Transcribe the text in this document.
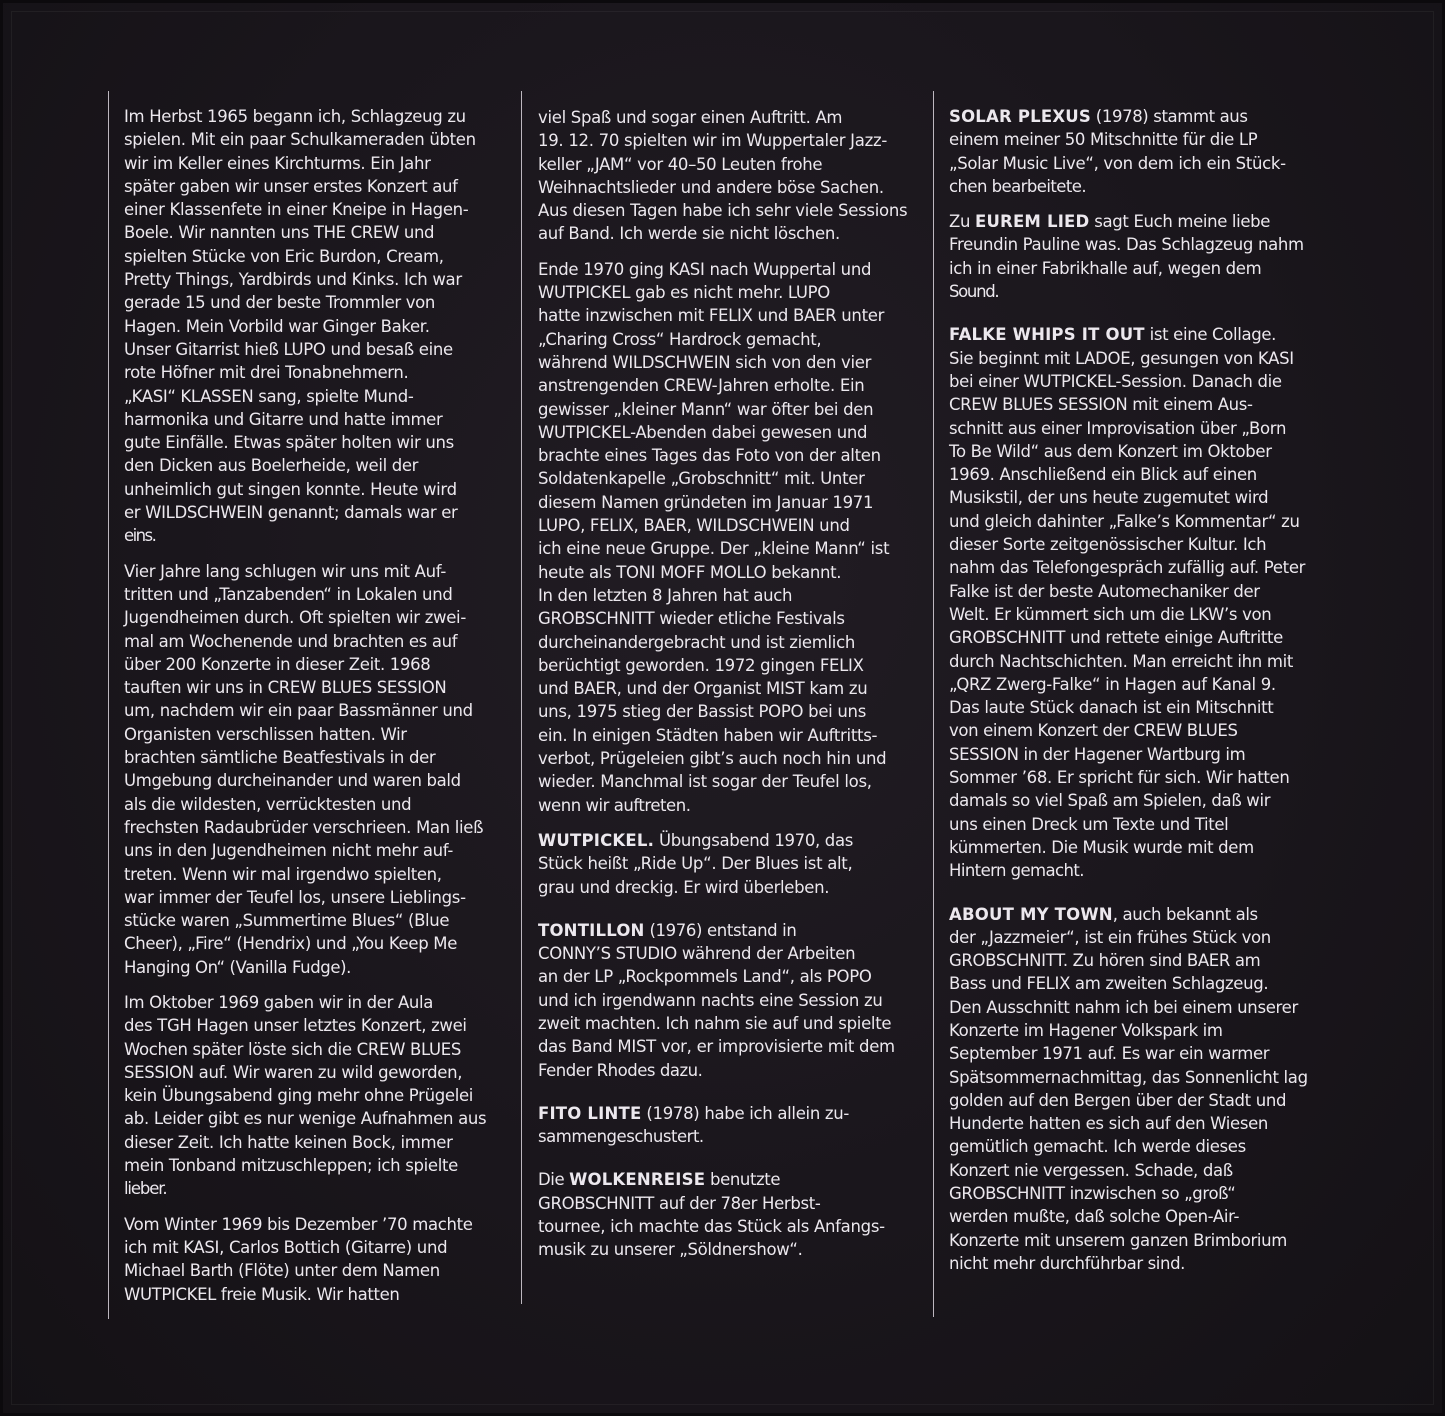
Im Herbst 1965 begann ich, Schlagzeug zu
spielen. Mit ein paar Schulkameraden übten
wir im Keller eines Kirchturms. Ein Jahr
später gaben wir unser erstes Konzert auf
einer Klassenfete in einer Kneipe in Hagen-
Boele. Wir nannten uns THE CREW und
spielten Stücke von Eric Burdon, Cream,
Pretty Things, Yardbirds und Kinks. Ich war
gerade 15 und der beste Trommler von
Hagen. Mein Vorbild war Ginger Baker.
Unser Gitarrist hieß LUPO und besaß eine
rote Höfner mit drei Tonabnehmern.
„KASI“ KLASSEN sang, spielte Mund-
harmonika und Gitarre und hatte immer
gute Einfälle. Etwas später holten wir uns
den Dicken aus Boelerheide, weil der
unheimlich gut singen konnte. Heute wird
er WILDSCHWEIN genannt; damals war er
eins.
Vier Jahre lang schlugen wir uns mit Auf-
tritten und „Tanzabenden“ in Lokalen und
Jugendheimen durch. Oft spielten wir zwei-
mal am Wochenende und brachten es auf
über 200 Konzerte in dieser Zeit. 1968
tauften wir uns in CREW BLUES SESSION
um, nachdem wir ein paar Bassmänner und
Organisten verschlissen hatten. Wir
brachten sämtliche Beatfestivals in der
Umgebung durcheinander und waren bald
als die wildesten, verrücktesten und
frechsten Radaubrüder verschrieen. Man ließ
uns in den Jugendheimen nicht mehr auf-
treten. Wenn wir mal irgendwo spielten,
war immer der Teufel los, unsere Lieblings-
stücke waren „Summertime Blues“ (Blue
Cheer), „Fire“ (Hendrix) und „You Keep Me
Hanging On“ (Vanilla Fudge).
Im Oktober 1969 gaben wir in der Aula
des TGH Hagen unser letztes Konzert, zwei
Wochen später löste sich die CREW BLUES
SESSION auf. Wir waren zu wild geworden,
kein Übungsabend ging mehr ohne Prügelei
ab. Leider gibt es nur wenige Aufnahmen aus
dieser Zeit. Ich hatte keinen Bock, immer
mein Tonband mitzuschleppen; ich spielte
lieber.
Vom Winter 1969 bis Dezember ’70 machte
ich mit KASI, Carlos Bottich (Gitarre) und
Michael Barth (Flöte) unter dem Namen
WUTPICKEL freie Musik. Wir hatten
viel Spaß und sogar einen Auftritt. Am
19. 12. 70 spielten wir im Wuppertaler Jazz-
keller „JAM“ vor 40–50 Leuten frohe
Weihnachtslieder und andere böse Sachen.
Aus diesen Tagen habe ich sehr viele Sessions
auf Band. Ich werde sie nicht löschen.
Ende 1970 ging KASI nach Wuppertal und
WUTPICKEL gab es nicht mehr. LUPO
hatte inzwischen mit FELIX und BAER unter
„Charing Cross“ Hardrock gemacht,
während WILDSCHWEIN sich von den vier
anstrengenden CREW-Jahren erholte. Ein
gewisser „kleiner Mann“ war öfter bei den
WUTPICKEL-Abenden dabei gewesen und
brachte eines Tages das Foto von der alten
Soldatenkapelle „Grobschnitt“ mit. Unter
diesem Namen gründeten im Januar 1971
LUPO, FELIX, BAER, WILDSCHWEIN und
ich eine neue Gruppe. Der „kleine Mann“ ist
heute als TONI MOFF MOLLO bekannt.
In den letzten 8 Jahren hat auch
GROBSCHNITT wieder etliche Festivals
durcheinandergebracht und ist ziemlich
berüchtigt geworden. 1972 gingen FELIX
und BAER, und der Organist MIST kam zu
uns, 1975 stieg der Bassist POPO bei uns
ein. In einigen Städten haben wir Auftritts-
verbot, Prügeleien gibt’s auch noch hin und
wieder. Manchmal ist sogar der Teufel los,
wenn wir auftreten.
WUTPICKEL. Übungsabend 1970, das
Stück heißt „Ride Up“. Der Blues ist alt,
grau und dreckig. Er wird überleben.
TONTILLON (1976) entstand in
CONNY’S STUDIO während der Arbeiten
an der LP „Rockpommels Land“, als POPO
und ich irgendwann nachts eine Session zu
zweit machten. Ich nahm sie auf und spielte
das Band MIST vor, er improvisierte mit dem
Fender Rhodes dazu.
FITO LINTE (1978) habe ich allein zu-
sammengeschustert.
Die WOLKENREISE benutzte
GROBSCHNITT auf der 78er Herbst-
tournee, ich machte das Stück als Anfangs-
musik zu unserer „Söldnershow“.
SOLAR PLEXUS (1978) stammt aus
einem meiner 50 Mitschnitte für die LP
„Solar Music Live“, von dem ich ein Stück-
chen bearbeitete.
Zu EUREM LIED sagt Euch meine liebe
Freundin Pauline was. Das Schlagzeug nahm
ich in einer Fabrikhalle auf, wegen dem
Sound.
FALKE WHIPS IT OUT ist eine Collage.
Sie beginnt mit LADOE, gesungen von KASI
bei einer WUTPICKEL-Session. Danach die
CREW BLUES SESSION mit einem Aus-
schnitt aus einer Improvisation über „Born
To Be Wild“ aus dem Konzert im Oktober
1969. Anschließend ein Blick auf einen
Musikstil, der uns heute zugemutet wird
und gleich dahinter „Falke’s Kommentar“ zu
dieser Sorte zeitgenössischer Kultur. Ich
nahm das Telefongespräch zufällig auf. Peter
Falke ist der beste Automechaniker der
Welt. Er kümmert sich um die LKW’s von
GROBSCHNITT und rettete einige Auftritte
durch Nachtschichten. Man erreicht ihn mit
„QRZ Zwerg-Falke“ in Hagen auf Kanal 9.
Das laute Stück danach ist ein Mitschnitt
von einem Konzert der CREW BLUES
SESSION in der Hagener Wartburg im
Sommer ’68. Er spricht für sich. Wir hatten
damals so viel Spaß am Spielen, daß wir
uns einen Dreck um Texte und Titel
kümmerten. Die Musik wurde mit dem
Hintern gemacht.
ABOUT MY TOWN, auch bekannt als
der „Jazzmeier“, ist ein frühes Stück von
GROBSCHNITT. Zu hören sind BAER am
Bass und FELIX am zweiten Schlagzeug.
Den Ausschnitt nahm ich bei einem unserer
Konzerte im Hagener Volkspark im
September 1971 auf. Es war ein warmer
Spätsommernachmittag, das Sonnenlicht lag
golden auf den Bergen über der Stadt und
Hunderte hatten es sich auf den Wiesen
gemütlich gemacht. Ich werde dieses
Konzert nie vergessen. Schade, daß
GROBSCHNITT inzwischen so „groß“
werden mußte, daß solche Open-Air-
Konzerte mit unserem ganzen Brimborium
nicht mehr durchführbar sind.
